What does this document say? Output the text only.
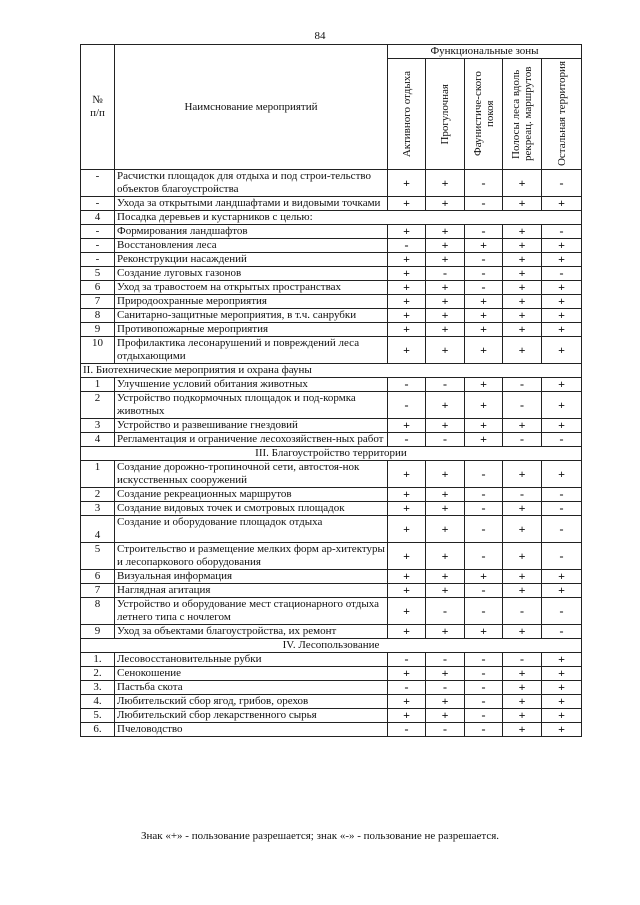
84
№
п/п	Наимснование мероприятий	Функциональные зоны				

		Активного отдыха	Прогулочная	Фаунистиче-ского покоя	Полосы леса вдоль рекреац. маршрутов	Остальная территория

-	Расчистки площадок для отдыха и под строи-тельство объектов благоустройства	+	+	-	+	-
-	Ухода за открытыми ландшафтами и видовыми точками	+	+	-	+	+
4	Посадка деревьев и кустарников с целью:					
-	Формирования ландшафтов	+	+	-	+	-
-	Восстановления леса	-	+	+	+	+
-	Реконструкции насаждений	+	+	-	+	+
5	Создание луговых газонов	+	-	-	+	-
6	Уход за травостоем на открытых пространствах	+	+	-	+	+
7	Природоохранные мероприятия	+	+	+	+	+
8	Санитарно-защитные мероприятия, в т.ч. санрубки	+	+	+	+	+
9	Противопожарные мероприятия	+	+	+	+	+
10	Профилактика лесонарушений и повреждений леса отдыхающими	+	+	+	+	+
II. Биотехнические мероприятия и охрана фауны						
1	Улучшение условий обитания животных	-	-	+	-	+
2	Устройство подкормочных площадок и под-кормка животных	-	+	+	-	+
3	Устройство и развешивание гнездовий	+	+	+	+	+
4	Регламентация и ограничение лесохозяйствен-ных работ	-	-	+	-	-
III. Благоустройство территории						
1	Создание дорожно-тропиночной сети, автостоя-нок искусственных сооружений	+	+	-	+	+
2	Создание рекреационных маршрутов	+	+	-	-	-
3	Создание видовых точек и смотровых площадок	+	+	-	+	-
4	Создание и оборудование площадок отдыха	+	+	-	+	-
5	Строительство и размещение мелких форм ар-хитектуры и лесопаркового оборудования	+	+	-	+	-
6	Визуальная информация	+	+	+	+	+
7	Наглядная агитация	+	+	-	+	+
8	Устройство и оборудование мест стационарного отдыха летнего типа с ночлегом	+	-	-	-	-
9	Уход за объектами благоустройства, их ремонт	+	+	+	+	-
IV. Лесопользование						
1.	Лесовосстановительные рубки	-	-	-	-	+
2.	Сенокошение	+	+	-	+	+
3.	Пастьба скота	-	-	-	+	+
4.	Любительский сбор ягод, грибов, орехов	+	+	-	+	+
5.	Любительский сбор лекарственного сырья	+	+	-	+	+
6.	Пчеловодство	-	-	-	+	+
Знак «+» - пользование разрешается; знак «-» - пользование не разрешается.
